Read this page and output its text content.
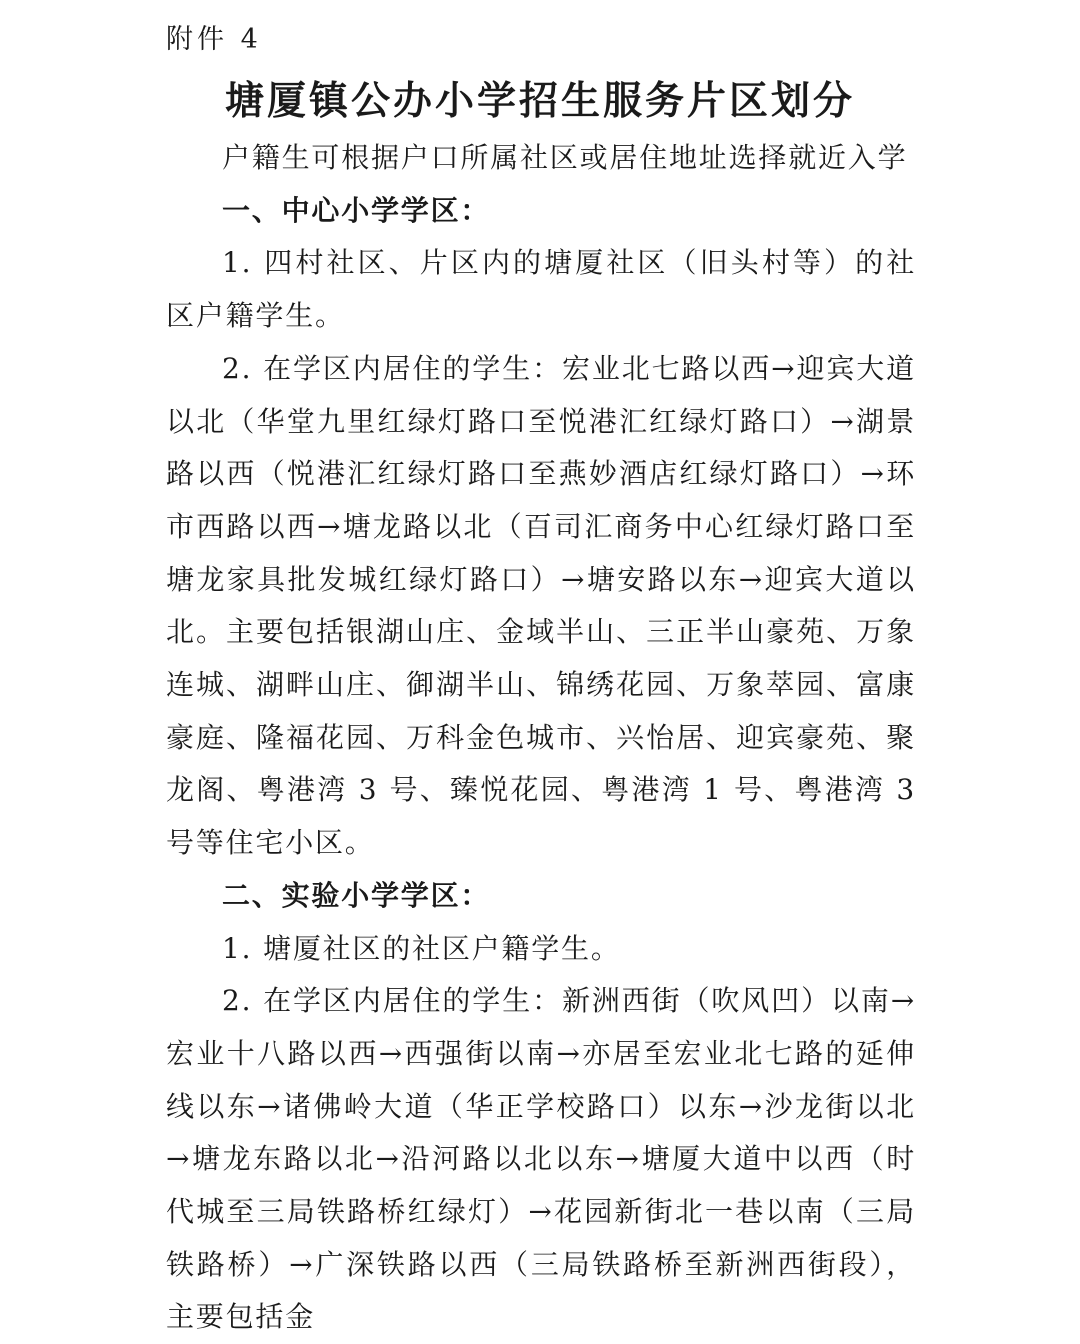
附件 4
塘厦镇公办小学招生服务片区划分

户籍生可根据户口所属社区或居住地址选择就近入学

一、中心小学学区：

1. 四村社区、片区内的塘厦社区（旧头村等）的社区户籍学生。

2. 在学区内居住的学生：宏业北七路以西→迎宾大道以北（华堂九里红绿灯路口至悦港汇红绿灯路口）→湖景路以西（悦港汇红绿灯路口至燕妙酒店红绿灯路口）→环市西路以西→塘龙路以北（百司汇商务中心红绿灯路口至塘龙家具批发城红绿灯路口）→塘安路以东→迎宾大道以北。主要包括银湖山庄、金域半山、三正半山豪苑、万象连城、湖畔山庄、御湖半山、锦绣花园、万象萃园、富康豪庭、隆福花园、万科金色城市、兴怡居、迎宾豪苑、聚龙阁、粤港湾 3 号、臻悦花园、粤港湾 1 号、粤港湾 3 号等住宅小区。

二、实验小学学区：

1. 塘厦社区的社区户籍学生。

2. 在学区内居住的学生：新洲西街（吹风凹）以南→宏业十八路以西→西强街以南→亦居至宏业北七路的延伸线以东→诸佛岭大道（华正学校路口）以东→沙龙街以北→塘龙东路以北→沿河路以北以东→塘厦大道中以西（时代城至三局铁路桥红绿灯）→花园新街北一巷以南（三局铁路桥）→广深铁路以西（三局铁路桥至新洲西街段），主要包括金
